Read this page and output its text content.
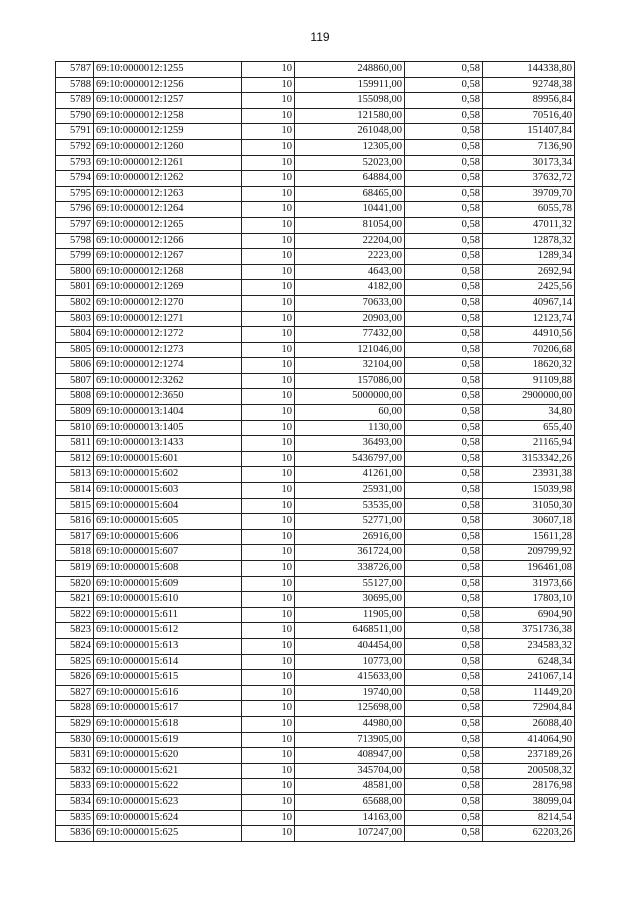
119
5787	69:10:0000012:1255	10	248860,00	0,58	144338,80
5788	69:10:0000012:1256	10	159911,00	0,58	92748,38
5789	69:10:0000012:1257	10	155098,00	0,58	89956,84
5790	69:10:0000012:1258	10	121580,00	0,58	70516,40
5791	69:10:0000012:1259	10	261048,00	0,58	151407,84
5792	69:10:0000012:1260	10	12305,00	0,58	7136,90
5793	69:10:0000012:1261	10	52023,00	0,58	30173,34
5794	69:10:0000012:1262	10	64884,00	0,58	37632,72
5795	69:10:0000012:1263	10	68465,00	0,58	39709,70
5796	69:10:0000012:1264	10	10441,00	0,58	6055,78
5797	69:10:0000012:1265	10	81054,00	0,58	47011,32
5798	69:10:0000012:1266	10	22204,00	0,58	12878,32
5799	69:10:0000012:1267	10	2223,00	0,58	1289,34
5800	69:10:0000012:1268	10	4643,00	0,58	2692,94
5801	69:10:0000012:1269	10	4182,00	0,58	2425,56
5802	69:10:0000012:1270	10	70633,00	0,58	40967,14
5803	69:10:0000012:1271	10	20903,00	0,58	12123,74
5804	69:10:0000012:1272	10	77432,00	0,58	44910,56
5805	69:10:0000012:1273	10	121046,00	0,58	70206,68
5806	69:10:0000012:1274	10	32104,00	0,58	18620,32
5807	69:10:0000012:3262	10	157086,00	0,58	91109,88
5808	69:10:0000012:3650	10	5000000,00	0,58	2900000,00
5809	69:10:0000013:1404	10	60,00	0,58	34,80
5810	69:10:0000013:1405	10	1130,00	0,58	655,40
5811	69:10:0000013:1433	10	36493,00	0,58	21165,94
5812	69:10:0000015:601	10	5436797,00	0,58	3153342,26
5813	69:10:0000015:602	10	41261,00	0,58	23931,38
5814	69:10:0000015:603	10	25931,00	0,58	15039,98
5815	69:10:0000015:604	10	53535,00	0,58	31050,30
5816	69:10:0000015:605	10	52771,00	0,58	30607,18
5817	69:10:0000015:606	10	26916,00	0,58	15611,28
5818	69:10:0000015:607	10	361724,00	0,58	209799,92
5819	69:10:0000015:608	10	338726,00	0,58	196461,08
5820	69:10:0000015:609	10	55127,00	0,58	31973,66
5821	69:10:0000015:610	10	30695,00	0,58	17803,10
5822	69:10:0000015:611	10	11905,00	0,58	6904,90
5823	69:10:0000015:612	10	6468511,00	0,58	3751736,38
5824	69:10:0000015:613	10	404454,00	0,58	234583,32
5825	69:10:0000015:614	10	10773,00	0,58	6248,34
5826	69:10:0000015:615	10	415633,00	0,58	241067,14
5827	69:10:0000015:616	10	19740,00	0,58	11449,20
5828	69:10:0000015:617	10	125698,00	0,58	72904,84
5829	69:10:0000015:618	10	44980,00	0,58	26088,40
5830	69:10:0000015:619	10	713905,00	0,58	414064,90
5831	69:10:0000015:620	10	408947,00	0,58	237189,26
5832	69:10:0000015:621	10	345704,00	0,58	200508,32
5833	69:10:0000015:622	10	48581,00	0,58	28176,98
5834	69:10:0000015:623	10	65688,00	0,58	38099,04
5835	69:10:0000015:624	10	14163,00	0,58	8214,54
5836	69:10:0000015:625	10	107247,00	0,58	62203,26
